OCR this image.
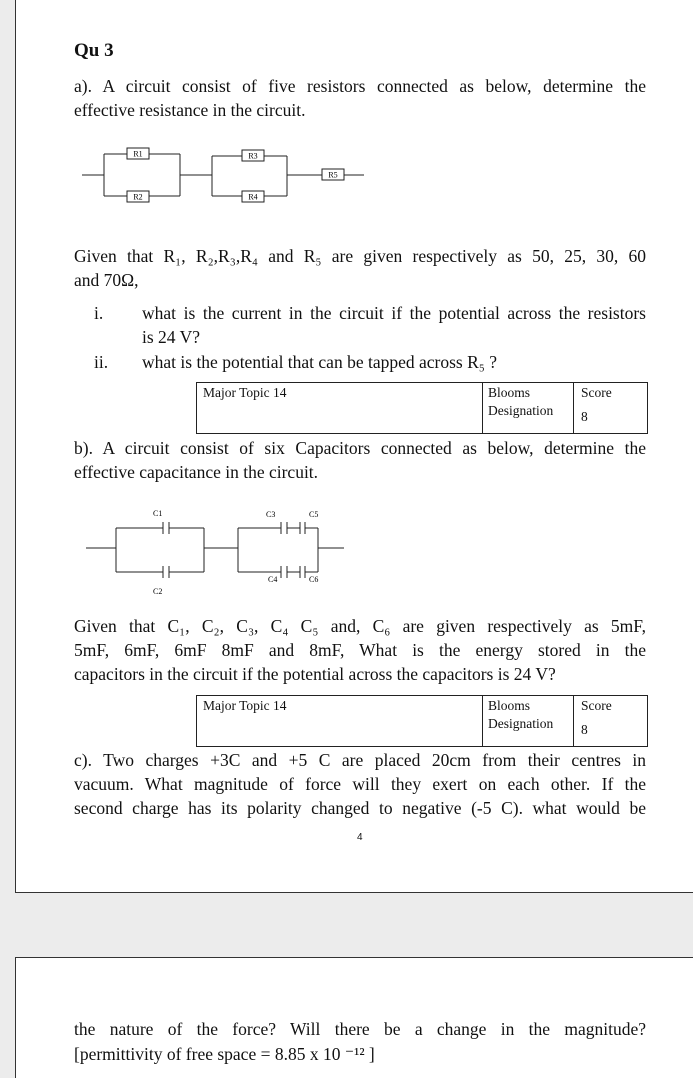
Qu 3
a). A circuit consist of five resistors connected as below, determine the
effective resistance in the circuit.
R1
R2
R3
R4
R5
Given that R₁, R₂,R₃,R₄ and R₅ are given respectively as 50, 25, 30, 60
and 70Ω,
i. what is the current in the circuit if the potential across the resistors
is 24 V?
ii. what is the potential that can be tapped across R₅ ?
Major Topic 14	Blooms
Designation
Score
8
b). A circuit consist of six Capacitors connected as below, determine the
effective capacitance in the circuit.
C1
C2
C3
C4
C5
C6
Given that C₁, C₂, C₃, C₄ C₅ and, C₆ are given respectively as 5mF,
5mF, 6mF, 6mF 8mF and 8mF, What is the energy stored in the
capacitors in the circuit if the potential across the capacitors is 24 V?
Major Topic 14	Blooms
Designation
Score
8
c). Two charges +3C and +5 C are placed 20cm from their centres in
vacuum. What magnitude of force will they exert on each other. If the
second charge has its polarity changed to negative (-5 C). what would be
4
the nature of the force? Will there be a change in the magnitude?
[permittivity of free space = 8.85 x 10 ⁻¹² ]
